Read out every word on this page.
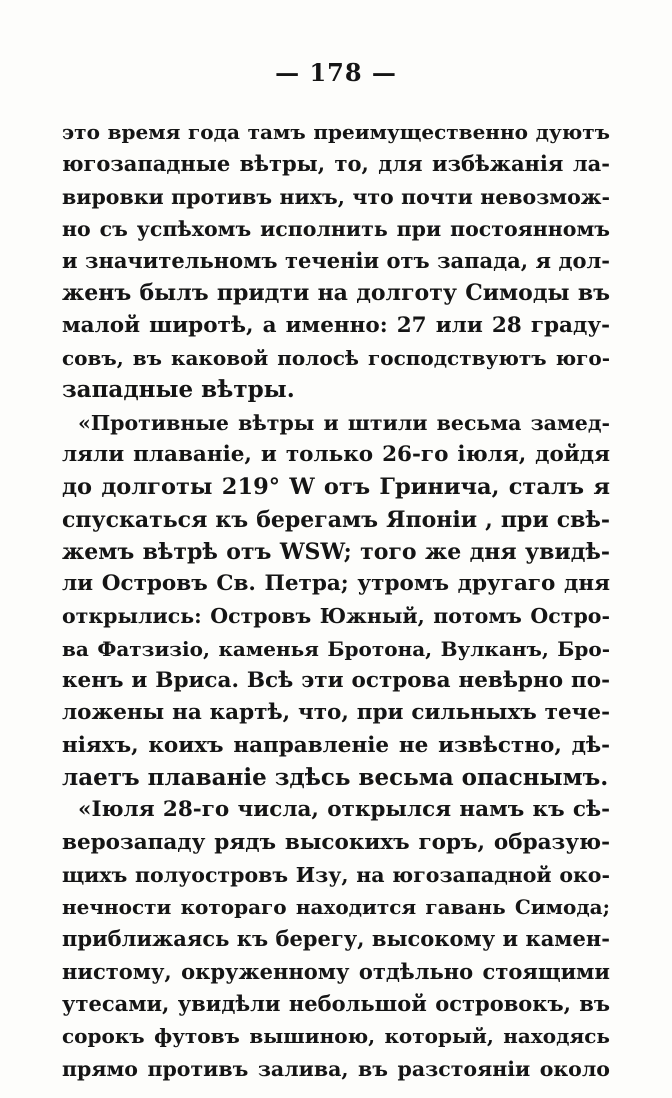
— 178 —
это время года тамъ преимущественно дуютъ
югозападные вѣтры, то, для избѣжанія ла-
вировки противъ нихъ, что почти невозмож-
но съ успѣхомъ исполнить при постоянномъ
и значительномъ теченіи отъ запада, я дол-
женъ былъ придти на долготу Симоды въ
малой широтѣ, а именно: 27 или 28 граду-
совъ, въ каковой полосѣ господствуютъ юго-
западные вѣтры.
«Противные вѣтры и штили весьма замед-
ляли плаваніе, и только 26-го іюля, дойдя
до долготы 219° W отъ Гринича, сталъ я
спускаться къ берегамъ Японіи , при свѣ-
жемъ вѣтрѣ отъ WSW; того же дня увидѣ-
ли Островъ Св. Петра; утромъ другаго дня
открылись: Островъ Южный, потомъ Остро-
ва Фатзизіо, каменья Бротона, Вулканъ, Бро-
кенъ и Вриса. Всѣ эти острова невѣрно по-
ложены на картѣ, что, при сильныхъ тече-
ніяхъ, коихъ направленіе не извѣстно, дѣ-
лаетъ плаваніе здѣсь весьма опаснымъ.
«Іюля 28-го числа, открылся намъ къ сѣ-
верозападу рядъ высокихъ горъ, образую-
щихъ полуостровъ Изу, на югозападной око-
нечности котораго находится гавань Симода;
приближаясь къ берегу, высокому и камен-
нистому, окруженному отдѣльно стоящими
утесами, увидѣли небольшой островокъ, въ
сорокъ футовъ вышиною, который, находясь
прямо противъ залива, въ разстояніи около
